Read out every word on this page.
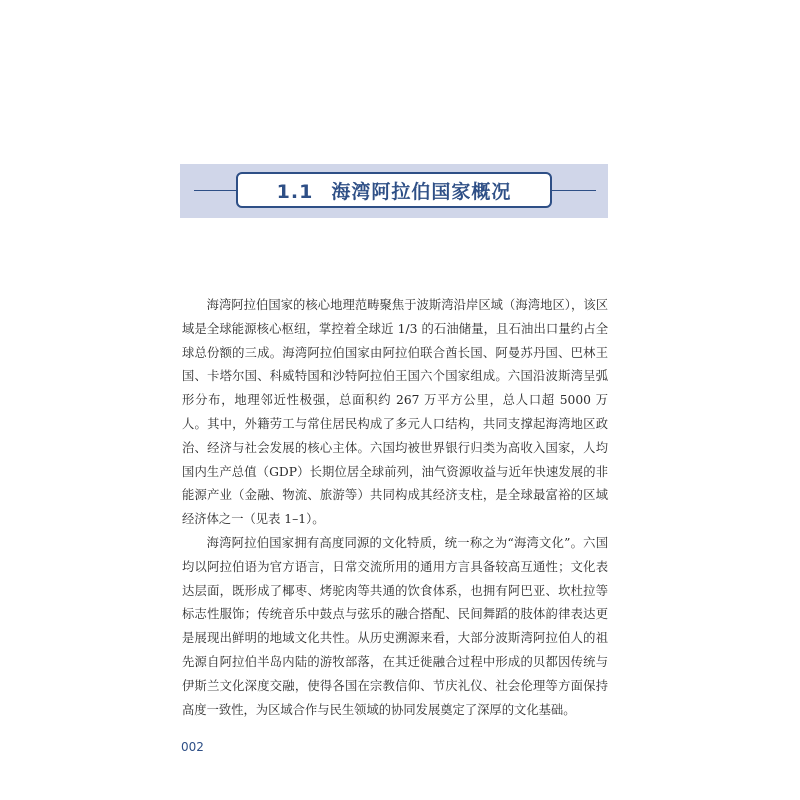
1.1 海湾阿拉伯国家概况

海湾阿拉伯国家的核心地理范畴聚焦于波斯湾沿岸区域（海湾地区），该区域是全球能源核心枢纽，掌控着全球近 1/3 的石油储量，且石油出口量约占全球总份额的三成。海湾阿拉伯国家由阿拉伯联合酋长国、阿曼苏丹国、巴林王国、卡塔尔国、科威特国和沙特阿拉伯王国六个国家组成。六国沿波斯湾呈弧形分布，地理邻近性极强，总面积约 267 万平方公里，总人口超 5000 万人。其中，外籍劳工与常住居民构成了多元人口结构，共同支撑起海湾地区政治、经济与社会发展的核心主体。六国均被世界银行归类为高收入国家，人均国内生产总值（GDP）长期位居全球前列，油气资源收益与近年快速发展的非能源产业（金融、物流、旅游等）共同构成其经济支柱，是全球最富裕的区域经济体之一（见表 1–1）。

海湾阿拉伯国家拥有高度同源的文化特质，统一称之为“海湾文化”。六国均以阿拉伯语为官方语言，日常交流所用的通用方言具备较高互通性；文化表达层面，既形成了椰枣、烤驼肉等共通的饮食体系，也拥有阿巴亚、坎杜拉等标志性服饰；传统音乐中鼓点与弦乐的融合搭配、民间舞蹈的肢体韵律表达更是展现出鲜明的地域文化共性。从历史溯源来看，大部分波斯湾阿拉伯人的祖先源自阿拉伯半岛内陆的游牧部落，在其迁徙融合过程中形成的贝都因传统与伊斯兰文化深度交融，使得各国在宗教信仰、节庆礼仪、社会伦理等方面保持高度一致性，为区域合作与民生领域的协同发展奠定了深厚的文化基础。

002
